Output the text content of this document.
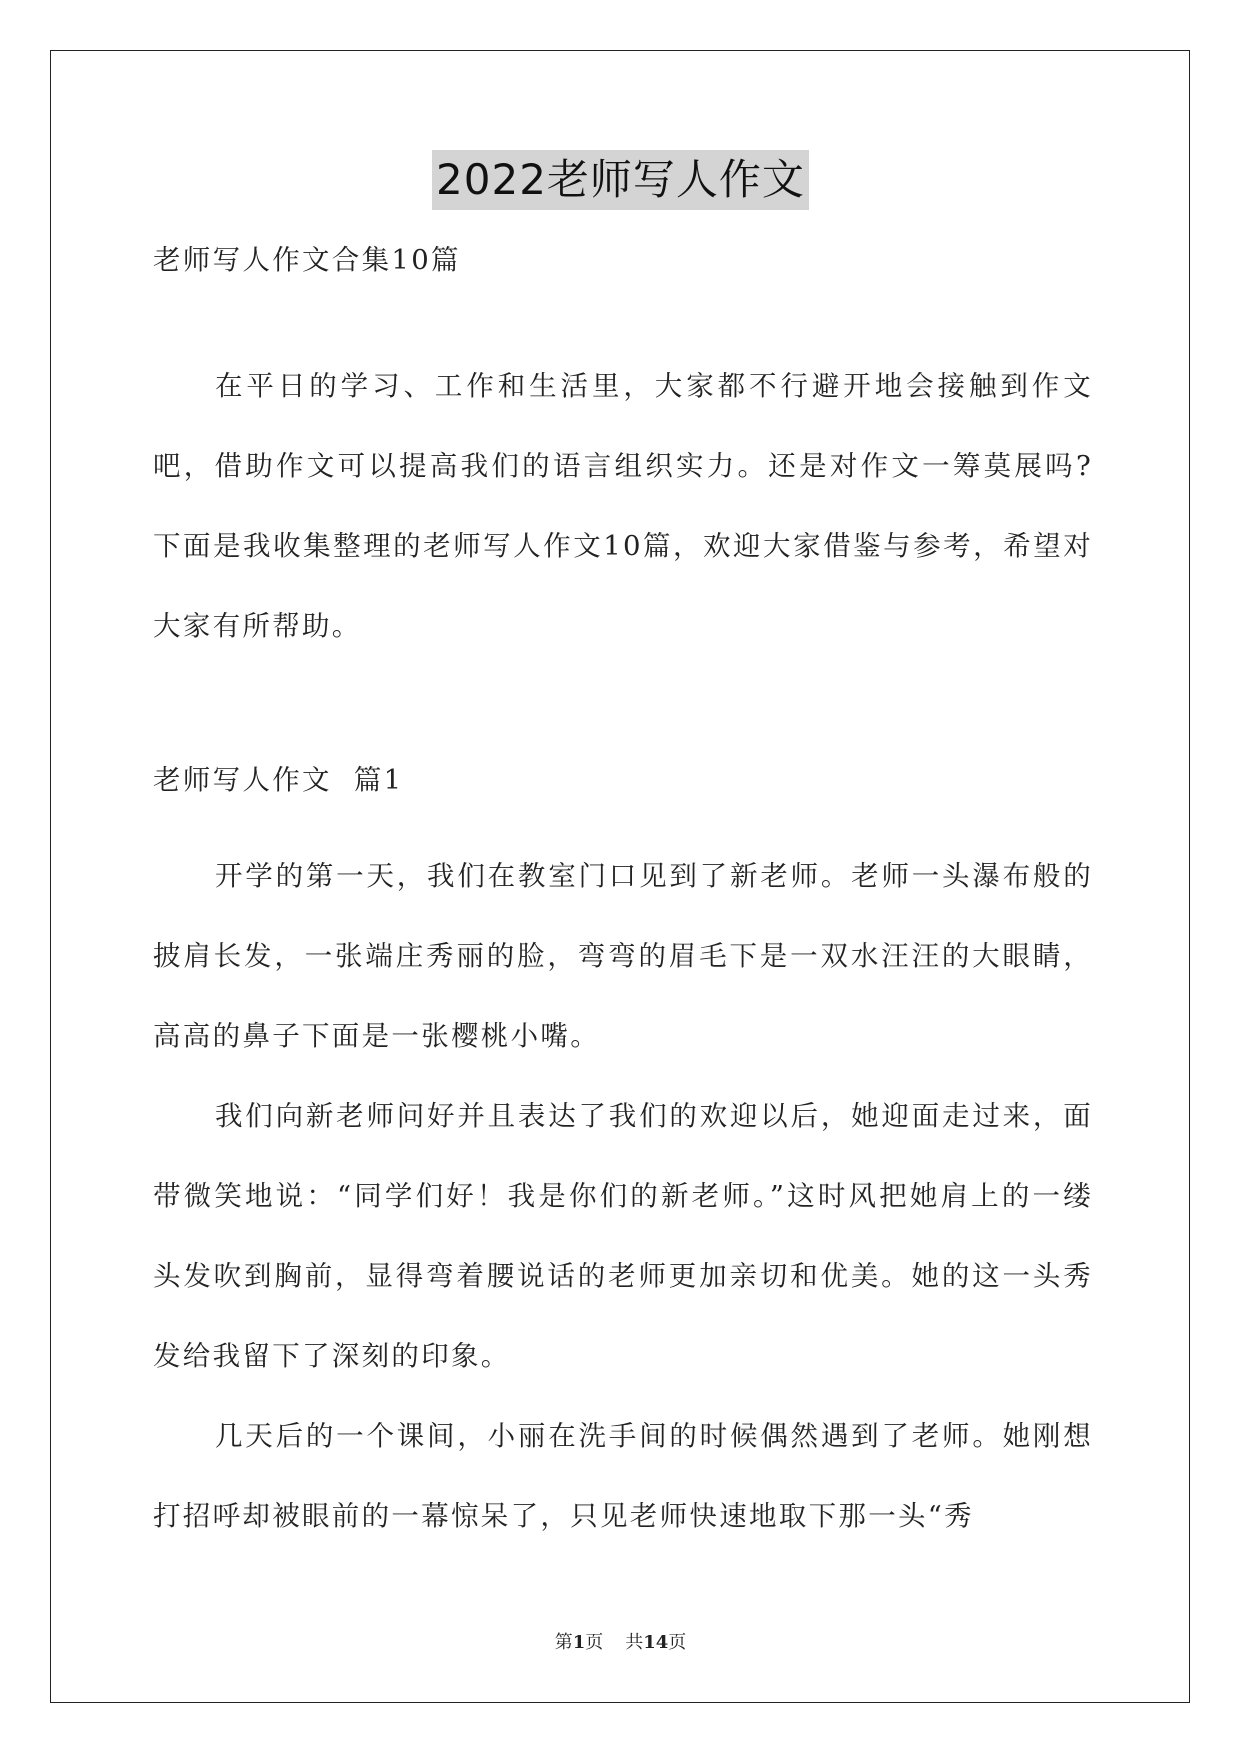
2022老师写人作文
老师写人作文合集10篇
在平日的学习、工作和生活里，大家都不行避开地会接触到作文吧，借助作文可以提高我们的语言组织实力。还是对作文一筹莫展吗?下面是我收集整理的老师写人作文10篇，欢迎大家借鉴与参考，希望对大家有所帮助。
老师写人作文  篇1

开学的第一天，我们在教室门口见到了新老师。老师一头瀑布般的披肩长发，一张端庄秀丽的脸，弯弯的眉毛下是一双水汪汪的大眼睛，高高的鼻子下面是一张樱桃小嘴。

我们向新老师问好并且表达了我们的欢迎以后，她迎面走过来，面带微笑地说：“同学们好！我是你们的新老师。”这时风把她肩上的一缕头发吹到胸前，显得弯着腰说话的老师更加亲切和优美。她的这一头秀发给我留下了深刻的印象。

几天后的一个课间，小丽在洗手间的时候偶然遇到了老师。她刚想打招呼却被眼前的一幕惊呆了，只见老师快速地取下那一头“秀

第1页 共14页
